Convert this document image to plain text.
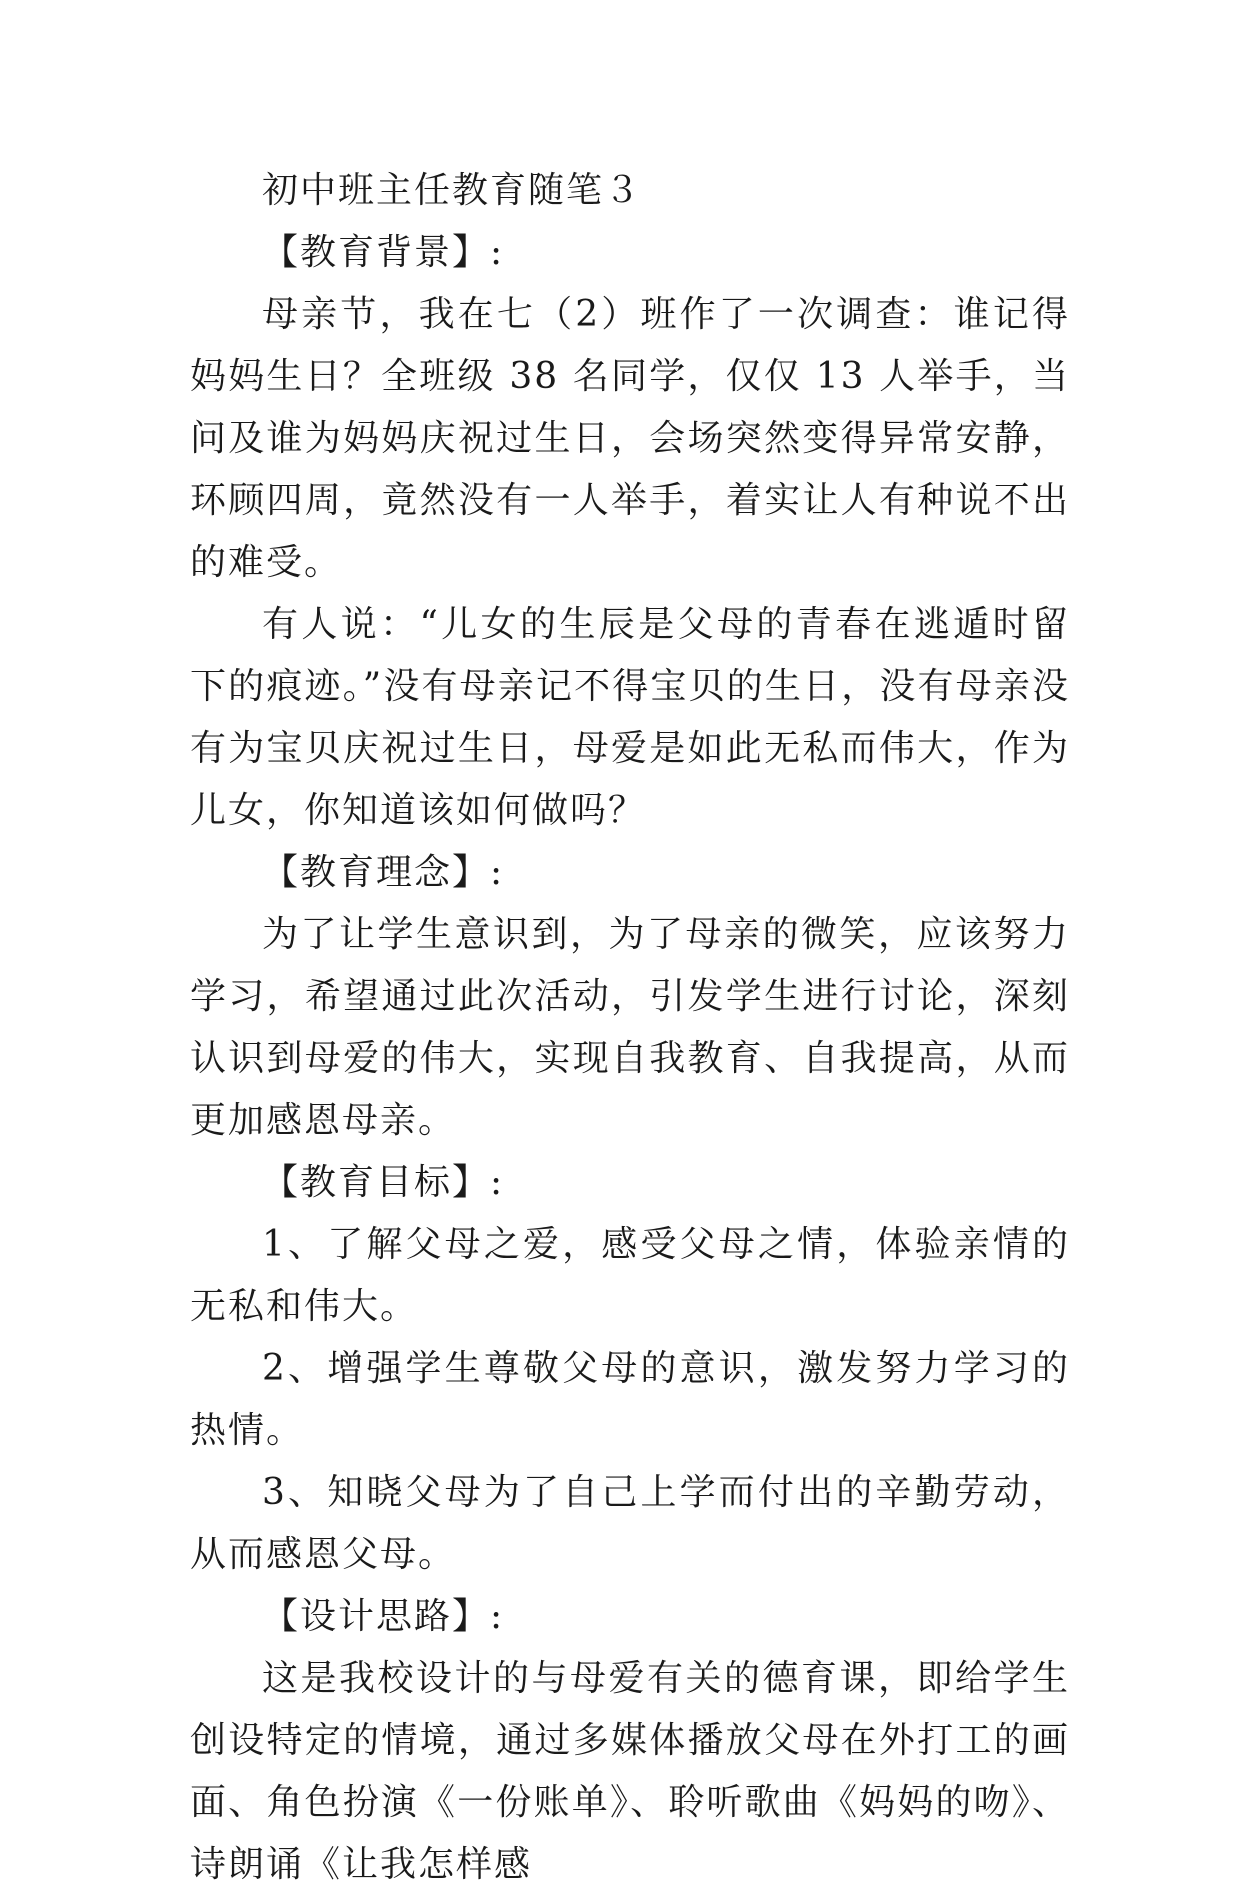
初中班主任教育随笔３

【教育背景】:

母亲节，我在七（2）班作了一次调查：谁记得妈妈生日？全班级 38 名同学，仅仅 13 人举手，当问及谁为妈妈庆祝过生日，会场突然变得异常安静，环顾四周，竟然没有一人举手，着实让人有种说不出的难受。

有人说：“儿女的生辰是父母的青春在逃遁时留下的痕迹。”没有母亲记不得宝贝的生日，没有母亲没有为宝贝庆祝过生日，母爱是如此无私而伟大，作为儿女，你知道该如何做吗？

【教育理念】:

为了让学生意识到，为了母亲的微笑，应该努力学习，希望通过此次活动，引发学生进行讨论，深刻认识到母爱的伟大，实现自我教育、自我提高，从而更加感恩母亲。

【教育目标】:

1、了解父母之爱，感受父母之情，体验亲情的无私和伟大。

2、增强学生尊敬父母的意识，激发努力学习的热情。

3、知晓父母为了自己上学而付出的辛勤劳动，从而感恩父母。

【设计思路】:

这是我校设计的与母爱有关的德育课，即给学生创设特定的情境，通过多媒体播放父母在外打工的画面、角色扮演《一份账单》、聆听歌曲《妈妈的吻》、诗朗诵《让我怎样感
